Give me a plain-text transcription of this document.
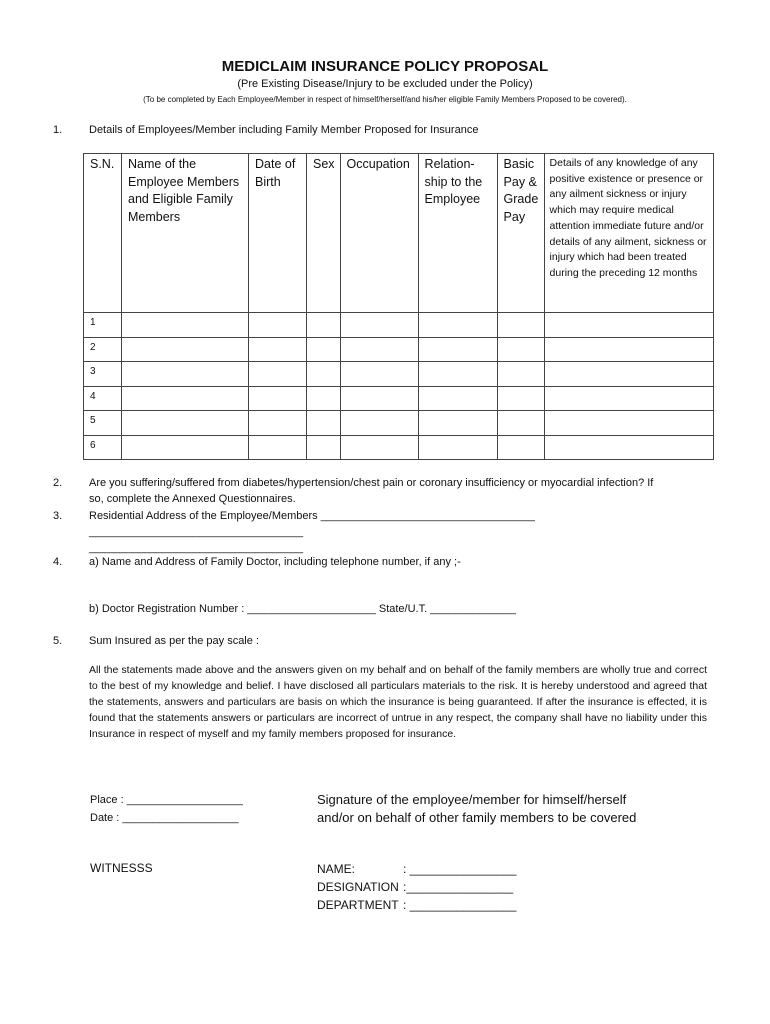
MEDICLAIM INSURANCE POLICY PROPOSAL
(Pre Existing Disease/Injury to be excluded under the Policy)
(To be completed by Each Employee/Member in respect of himself/herself/and his/her eligible Family Members Proposed to be covered).
1. Details of Employees/Member including Family Member Proposed for Insurance
S.N.	Name of the Employee Members and Eligible Family Members	Date of Birth	Sex	Occupation	Relation-ship to the Employee	Basic Pay & Grade Pay	Details of any knowledge of any positive existence or presence or any ailment sickness or injury which may require medical attention immediate future and/or details of any ailment, sickness or injury which had been treated during the preceding 12 months

1							
2							
3							
4							
5							
6							
2. Are you suffering/suffered from diabetes/hypertension/chest pain or coronary insufficiency or myocardial infection? If
so, complete the Annexed Questionnaires.
3. Residential Address of the Employee/Members ___________________________________
___________________________________
___________________________________
4. a) Name and Address of Family Doctor, including telephone number, if any ;-
b) Doctor Registration Number : _____________________ State/U.T. ______________
5. Sum Insured as per the pay scale :
All the statements made above and the answers given on my behalf and on behalf of the family members are wholly true and correct to the best of my knowledge and belief. I have disclosed all particulars materials to the risk. It is hereby understood and agreed that the statements, answers and particulars are basis on which the insurance is being guaranteed. If after the insurance is effected, it is found that the statements answers or particulars are incorrect of untrue in any respect, the company shall have no liability under this Insurance in respect of myself and my family members proposed for insurance.
Place : ___________________
Date : ___________________
Signature of the employee/member for himself/herself
and/or on behalf of other family members to be covered
WITNESSS	NAME:	: ________________
DESIGNATION :________________
DEPARTMENT : ________________
